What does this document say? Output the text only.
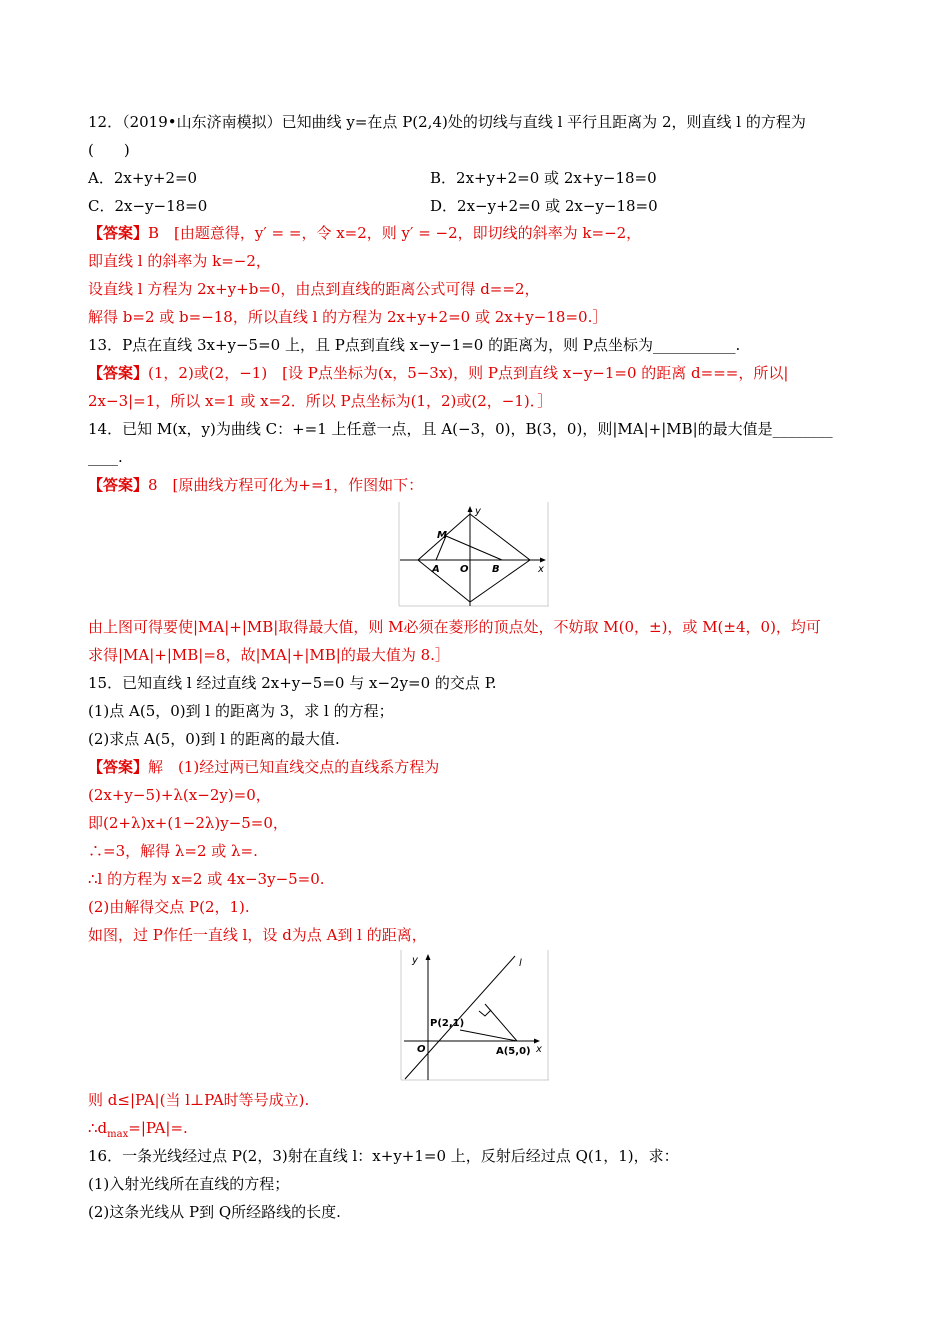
12．（2019•山东济南模拟）已知曲线 y=在点 P(2,4)处的切线与直线 l 平行且距离为 2，则直线 l 的方程为
(　　)
A．2x+y+2=0	B．2x+y+2=0 或 2x+y−18=0
C．2x−y−18=0	D．2x−y+2=0 或 2x−y−18=0
【答案】B　[由题意得，y′ = =，令 x=2，则 y′ = −2，即切线的斜率为 k=−2，
即直线 l 的斜率为 k=−2，
设直线 l 方程为 2x+y+b=0，由点到直线的距离公式可得 d==2，
解得 b=2 或 b=−18，所以直线 l 的方程为 2x+y+2=0 或 2x+y−18=0.］
13．P点在直线 3x+y−5=0 上，且 P点到直线 x−y−1=0 的距离为，则 P点坐标为___________.
【答案】(1，2)或(2，−1)　[设 P点坐标为(x，5−3x)，则 P点到直线 x−y−1=0 的距离 d===，所以|
2x−3|=1，所以 x=1 或 x=2．所以 P点坐标为(1，2)或(2，−1)．］
14．已知 M(x，y)为曲线 C：+=1 上任意一点，且 A(−3，0)，B(3，0)，则|MA|+|MB|的最大值是________
____.
【答案】8　[原曲线方程可化为+=1，作图如下：
y
M
A O B	x
由上图可得要使|MA|+|MB|取得最大值，则 M必须在菱形的顶点处，不妨取 M(0，±)，或 M(±4，0)，均可
求得|MA|+|MB|=8，故|MA|+|MB|的最大值为 8.］
15．已知直线 l 经过直线 2x+y−5=0 与 x−2y=0 的交点 P.
(1)点 A(5，0)到 l 的距离为 3，求 l 的方程；
(2)求点 A(5，0)到 l 的距离的最大值.
【答案】解　(1)经过两已知直线交点的直线系方程为
(2x+y−5)+λ(x−2y)=0，
即(2+λ)x+(1−2λ)y−5=0，
∴=3，解得 λ=2 或 λ=.
∴l 的方程为 x=2 或 4x−3y−5=0.
(2)由解得交点 P(2，1).
如图，过 P作任一直线 l，设 d为点 A到 l 的距离，
y	l
P(2,1)
O	A(5,0) x
则 d≤|PA|(当 l⊥PA时等号成立).
$\therefore d_{max}=|PA|=$.
16．一条光线经过点 P(2，3)射在直线 l：x+y+1=0 上，反射后经过点 Q(1，1)，求：
(1)入射光线所在直线的方程；
(2)这条光线从 P到 Q所经路线的长度.
